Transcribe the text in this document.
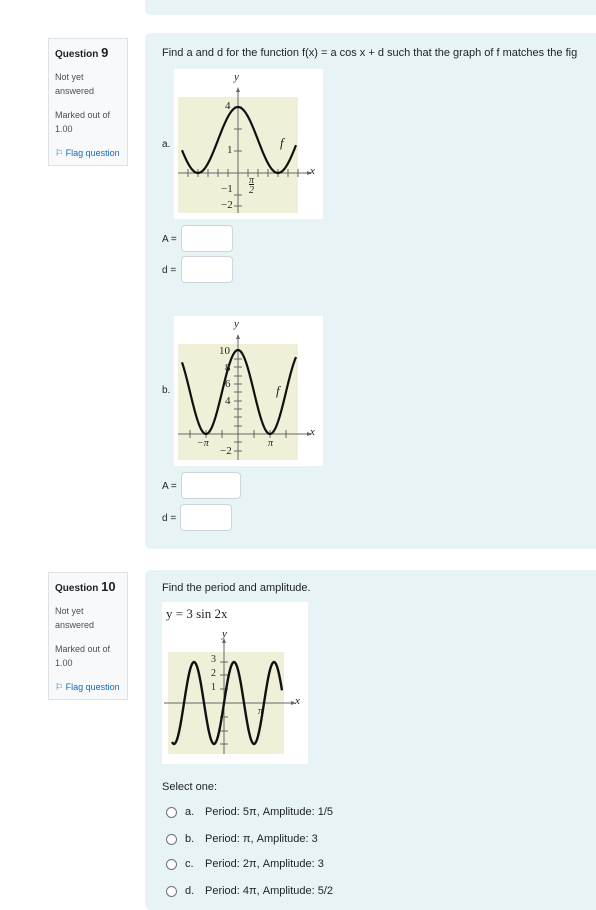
Question 9
Not yet answered
Marked out of 1.00
⚐ Flag question
Find a and d for the function f(x) = a cos x + d such that the graph of f matches the fig
a.
y
x
f
4
1
−1
−2
π
2
A =
d =
b.
y
x
f
10
8
6
4
−2
−π	π
A =
d =
Question 10
Not yet answered
Marked out of 1.00
⚐ Flag question
Find the period and amplitude.
y = 3 sin 2x
y
x
3
2
1
π
Select one:
a. Period: 5π, Amplitude: 1/5
b. Period: π, Amplitude: 3
c.	Period: 2π, Amplitude: 3
d. Period: 4π, Amplitude: 5/2
